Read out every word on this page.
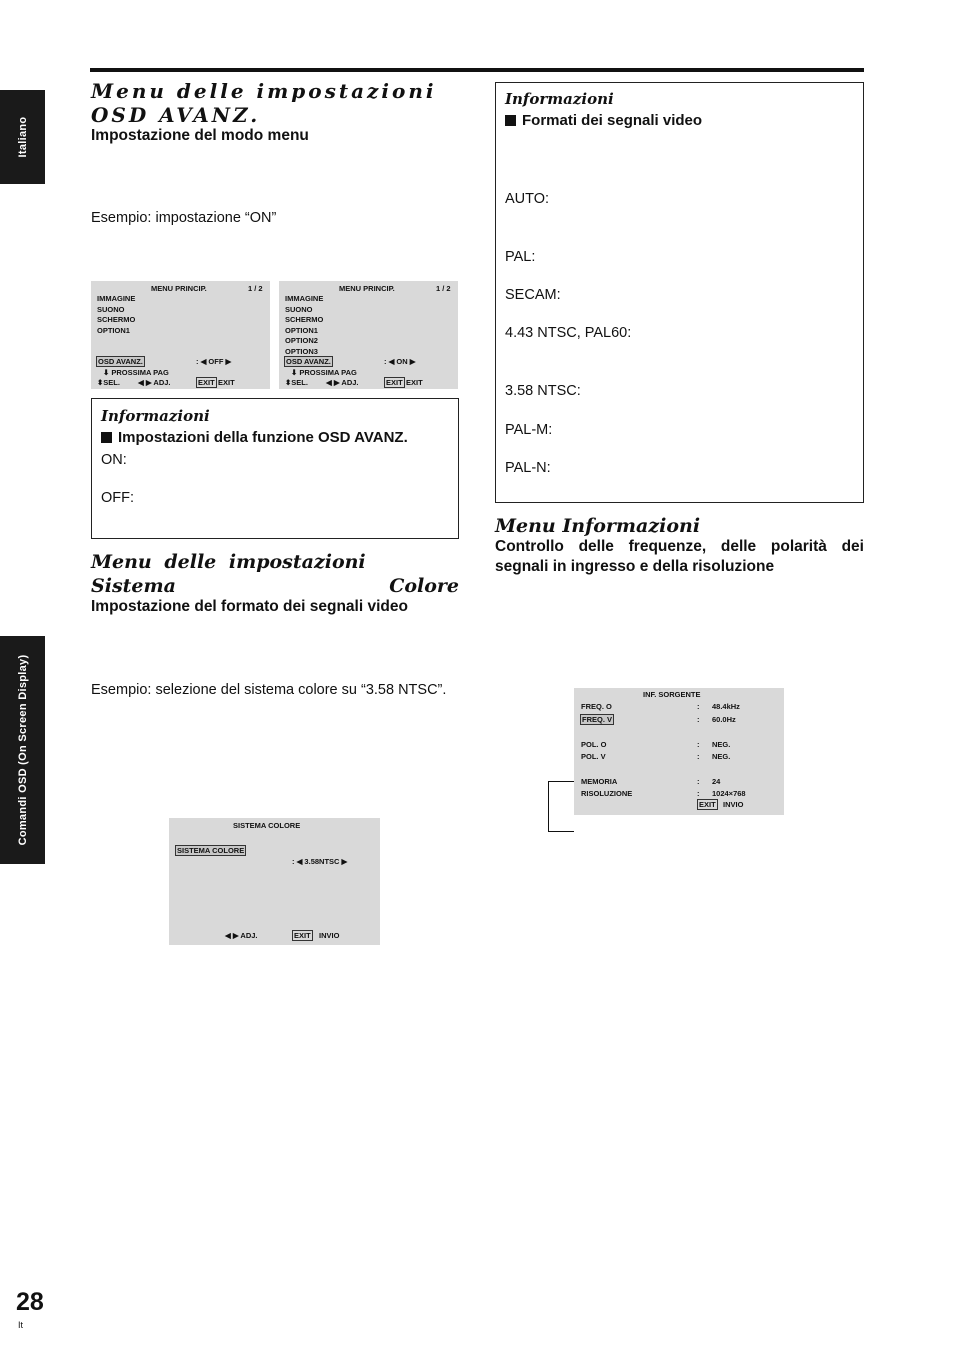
Italiano
Comandi OSD (On Screen Display)
Menu delle impostazioni OSD AVANZ.
Impostazione del modo menu
Esempio: impostazione “ON”
MENU PRINCIP.	1 / 2
IMMAGINE
SUONO
SCHERMO
OPTION1
OSD AVANZ.	: ◀ OFF ▶
⬇ PROSSIMA PAG
⬍SEL. ◀ ▶ ADJ.	EXIT EXIT
MENU PRINCIP.	1 / 2
IMMAGINE
SUONO
SCHERMO
OPTION1
OPTION2
OPTION3
OSD AVANZ.	: ◀ ON ▶
⬇ PROSSIMA PAG
⬍SEL. ◀ ▶ ADJ.	EXIT EXIT
Informazioni
Impostazioni della funzione OSD AVANZ.
ON:
OFF:
Menu delle impostazioni Sistema Colore
Impostazione del formato dei segnali video
Esempio: selezione del sistema colore su “3.58 NTSC”.
SISTEMA COLORE
SISTEMA COLORE
: ◀ 3.58NTSC ▶
◀ ▶ ADJ.	EXIT INVIO
Informazioni
Formati dei segnali video
AUTO:
PAL:
SECAM:
4.43 NTSC, PAL60:
3.58 NTSC:
PAL-M:
PAL-N:
Menu Informazioni
Controllo delle frequenze, delle polarità dei segnali in ingresso e della risoluzione
INF. SORGENTE
FREQ. O	: 48.4kHz
FREQ. V	: 60.0Hz
POL. O	: NEG.
POL. V	: NEG.
MEMORIA	: 24
RISOLUZIONE	: 1024×768
EXIT INVIO
28
It
